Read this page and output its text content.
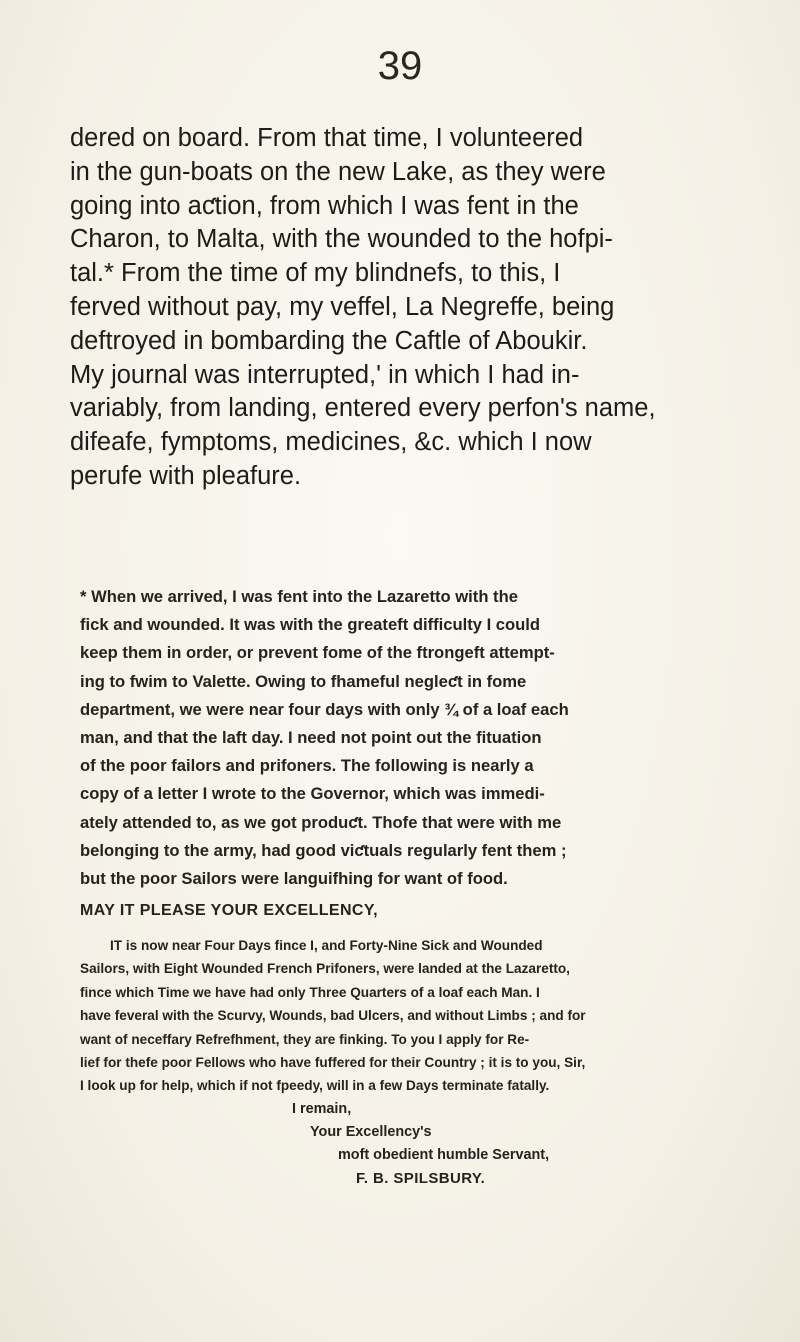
39
dered on board. From that time, I volunteered
in the gun-boats on the new Lake, as they were
going into aƈtion, from which I was fent in the
Charon, to Malta, with the wounded to the hofpi-
tal.* From the time of my blindnefs, to this, I
ferved without pay, my veffel, La Negreffe, being
deftroyed in bombarding the Caftle of Aboukir.
My journal was interrupted,' in which I had in-
variably, from landing, entered every perfon's name,
difeafe, fymptoms, medicines, &c. which I now
perufe with pleafure.
* When we arrived, I was fent into the Lazaretto with the
fick and wounded. It was with the greateft difficulty I could
keep them in order, or prevent fome of the ftrongeft attempt-
ing to fwim to Valette. Owing to fhameful negleƈt in fome
department, we were near four days with only ¾ of a loaf each
man, and that the laft day. I need not point out the fituation
of the poor failors and prifoners. The following is nearly a
copy of a letter I wrote to the Governor, which was immedi-
ately attended to, as we got produƈt. Thofe that were with me
belonging to the army, had good viƈtuals regularly fent them ;
but the poor Sailors were languifhing for want of food.
MAY IT PLEASE YOUR EXCELLENCY,
IT is now near Four Days fince I, and Forty-Nine Sick and Wounded
Sailors, with Eight Wounded French Prifoners, were landed at the Lazaretto,
fince which Time we have had only Three Quarters of a loaf each Man. I
have feveral with the Scurvy, Wounds, bad Ulcers, and without Limbs ; and for
want of neceffary Refrefhment, they are finking. To you I apply for Re-
lief for thefe poor Fellows who have fuffered for their Country ; it is to you, Sir,
I look up for help, which if not fpeedy, will in a few Days terminate fatally.
I remain,
Your Excellency's
moft obedient humble Servant,
F. B. SPILSBURY.
